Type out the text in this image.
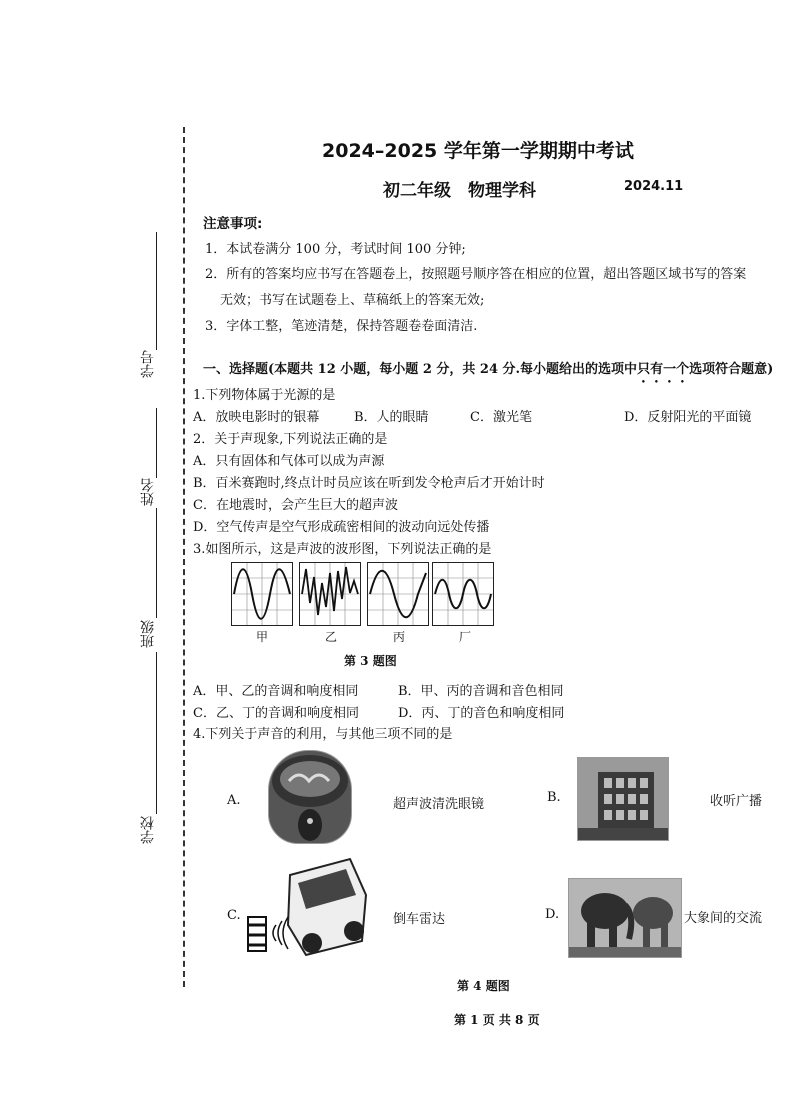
学号
姓名
班级
学校
2024–2025 学年第一学期期中考试
初二年级　物理学科	2024.11
注意事项:
1．本试卷满分 100 分，考试时间 100 分钟;
2．所有的答案均应书写在答题卷上，按照题号顺序答在相应的位置，超出答题区域书写的答案
无效；书写在试题卷上、草稿纸上的答案无效;
3．字体工整，笔迹清楚，保持答题卷卷面清洁.
一、选择题(本题共 12 小题，每小题 2 分，共 24 分.每小题给出的选项中只有一个选项符合题意)
1.下列物体属于光源的是
A．放映电影时的银幕	B．人的眼睛	C．激光笔	D．反射阳光的平面镜
2．关于声现象,下列说法正确的是
A．只有固体和气体可以成为声源
B．百米赛跑时,终点计时员应该在听到发令枪声后才开始计时
C．在地震时，会产生巨大的超声波
D．空气传声是空气形成疏密相间的波动向远处传播
3.如图所示，这是声波的波形图，下列说法正确的是
甲	乙	丙	厂
第 3 题图
A．甲、乙的音调和响度相同	B．甲、丙的音调和音色相同
C．乙、丁的音调和响度相同	D．丙、丁的音色和响度相同
4.下列关于声音的利用，与其他三项不同的是
A.	超声波清洗眼镜	B.	收听广播
C.	倒车雷达	D.	大象间的交流
第 4 题图
第 1 页 共 8 页
